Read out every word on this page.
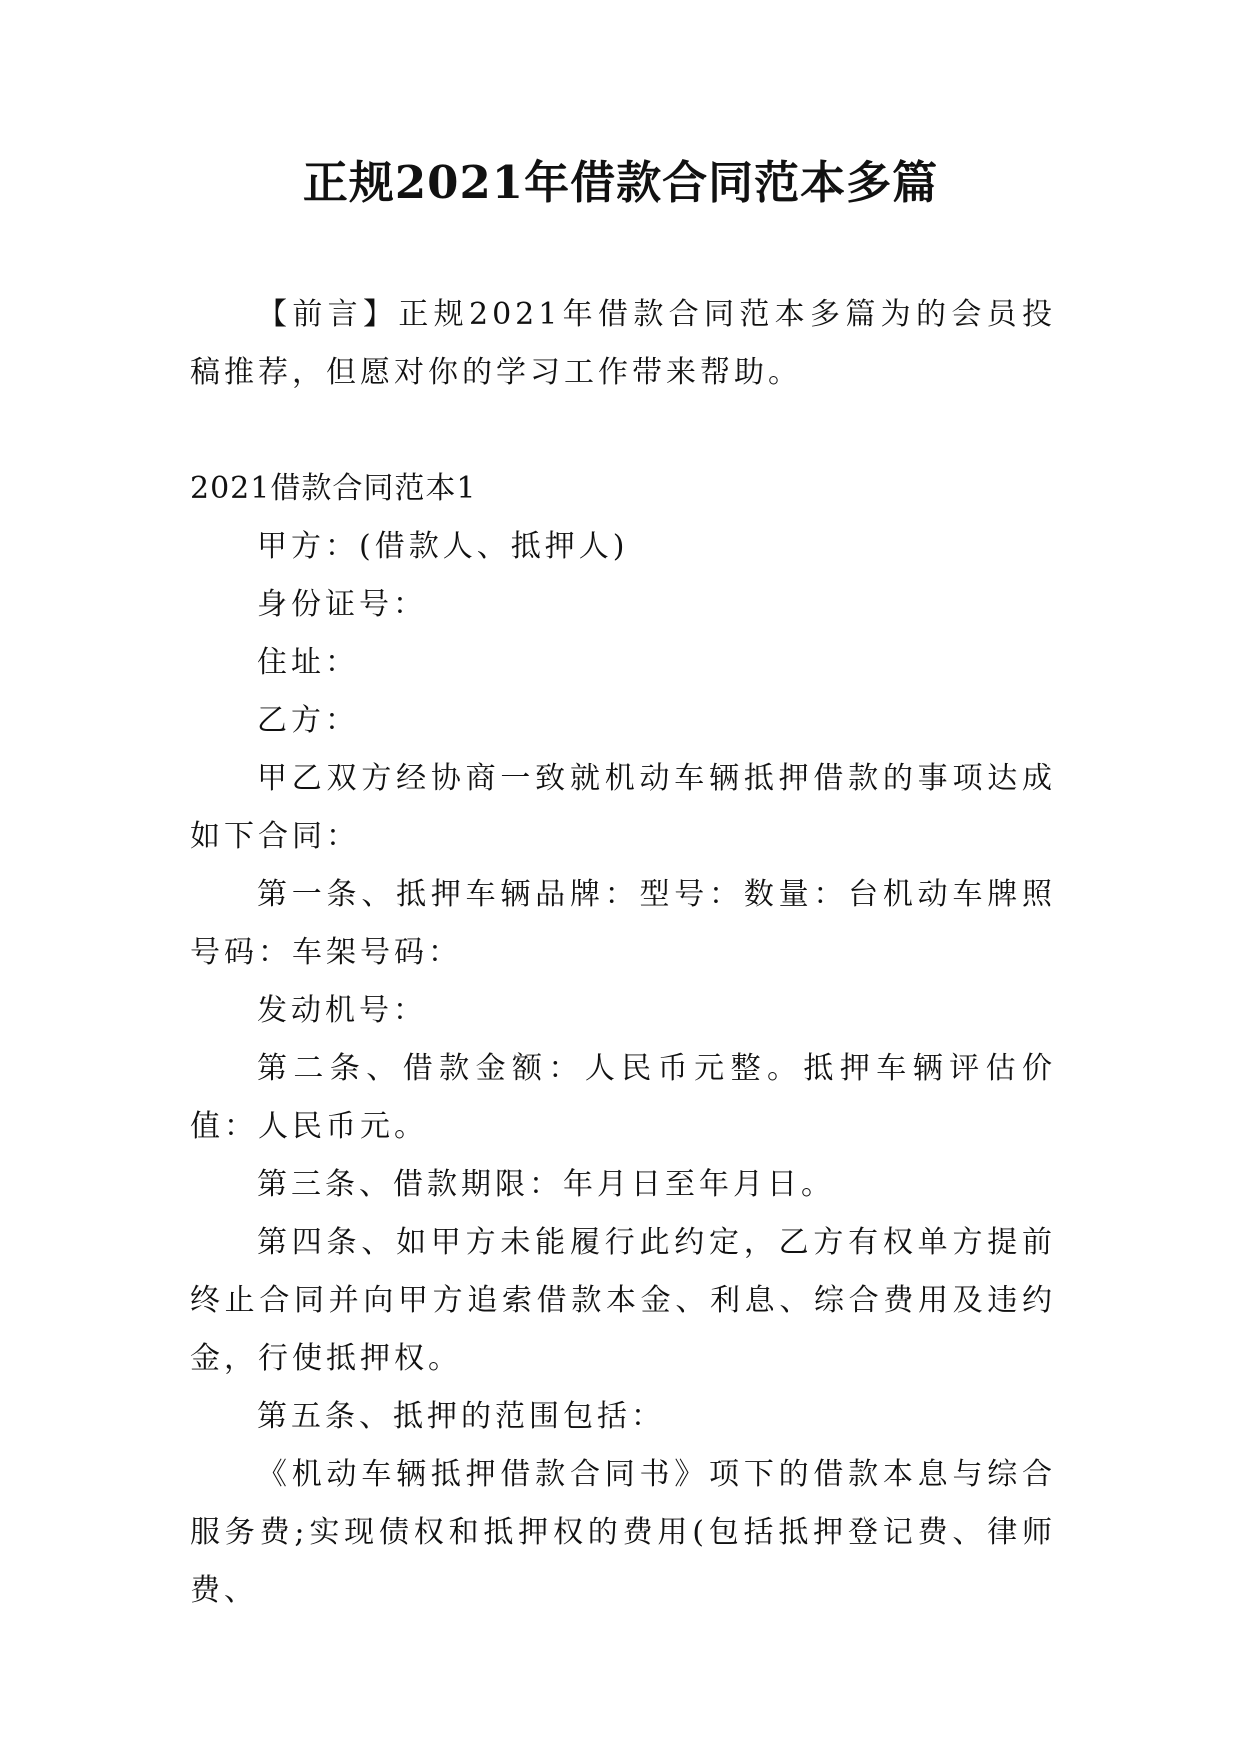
正规2021年借款合同范本多篇

【前言】正规2021年借款合同范本多篇为的会员投稿推荐，但愿对你的学习工作带来帮助。

2021借款合同范本1

甲方：(借款人、抵押人)

身份证号：

住址：

乙方：

甲乙双方经协商一致就机动车辆抵押借款的事项达成如下合同：

第一条、抵押车辆品牌：型号：数量：台机动车牌照号码：车架号码：

发动机号：

第二条、借款金额：人民币元整。抵押车辆评估价值：人民币元。

第三条、借款期限：年月日至年月日。

第四条、如甲方未能履行此约定，乙方有权单方提前终止合同并向甲方追索借款本金、利息、综合费用及违约金，行使抵押权。

第五条、抵押的范围包括：

《机动车辆抵押借款合同书》项下的借款本息与综合服务费;实现债权和抵押权的费用(包括抵押登记费、律师费、
